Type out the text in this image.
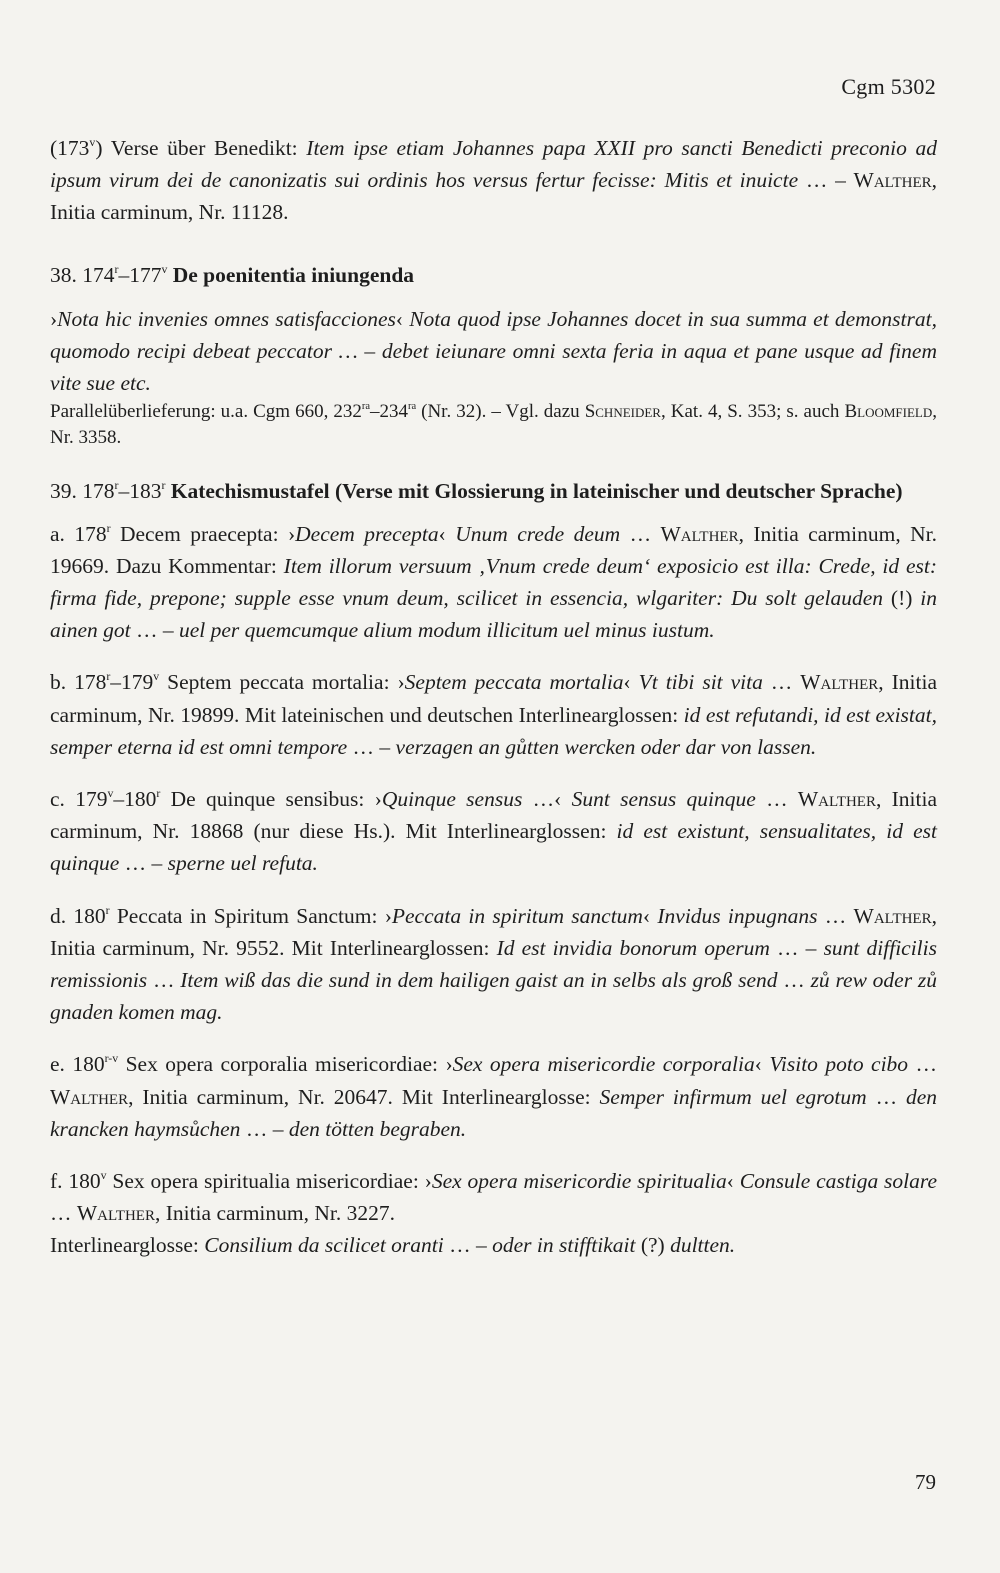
Cgm 5302

(173$^v$) Verse über Benedikt: Item ipse etiam Johannes papa XXII pro sancti Benedicti preconio ad ipsum virum dei de canonizatis sui ordinis hos versus fertur fecisse: Mitis et inuicte … – Walther, Initia carminum, Nr. 11128.

38. 174$^r$–177$^v$ De poenitentia iniungenda

›Nota hic invenies omnes satisfacciones‹ Nota quod ipse Johannes docet in sua summa et demonstrat, quomodo recipi debeat peccator … – debet ieiunare omni sexta feria in aqua et pane usque ad finem vite sue etc.

Parallelüberlieferung: u.a. Cgm 660, $232^{ra}-234^{ra}$ (Nr. 32). – Vgl. dazu Schneider, Kat. 4, S. 353; s. auch Bloomfield, Nr. 3358.

39. 178$^r$–183$^r$ Katechismustafel (Verse mit Glossierung in lateinischer und deutscher Sprache)

a. 178$^r$ Decem praecepta: ›Decem precepta‹ Unum crede deum … Walther, Initia carminum, Nr. 19669. Dazu Kommentar: Item illorum versuum ‚Vnum crede deum‘ exposicio est illa: Crede, id est: firma fide, prepone; supple esse vnum deum, scilicet in essencia, wlgariter: Du solt gelauden (!) in ainen got … – uel per quemcumque alium modum illicitum uel minus iustum.

b. 178$^r$–179$^v$ Septem peccata mortalia: ›Septem peccata mortalia‹ Vt tibi sit vita … Walther, Initia carminum, Nr. 19899. Mit lateinischen und deutschen Interlinearglossen: id est refutandi, id est existat, semper eterna id est omni tempore … – verzagen an gůtten wercken oder dar von lassen.

c. 179$^v$–180$^r$ De quinque sensibus: ›Quinque sensus …‹ Sunt sensus quinque … Walther, Initia carminum, Nr. 18868 (nur diese Hs.). Mit Interlinearglossen: id est existunt, sensualitates, id est quinque … – sperne uel refuta.

d. 180$^r$ Peccata in Spiritum Sanctum: ›Peccata in spiritum sanctum‹ Invidus inpugnans … Walther, Initia carminum, Nr. 9552. Mit Interlinearglossen: Id est invidia bonorum operum … – sunt difficilis remissionis … Item wiß das die sund in dem hailigen gaist an in selbs als groß send … zů rew oder zů gnaden komen mag.

e. 180$^{r-v}$ Sex opera corporalia misericordiae: ›Sex opera misericordie corporalia‹ Visito poto cibo … Walther, Initia carminum, Nr. 20647. Mit Interlinearglosse: Semper infirmum uel egrotum … den krancken haymsůchen … – den tötten begraben.

f. 180$^v$ Sex opera spiritualia misericordiae: ›Sex opera misericordie spiritualia‹ Consule castiga solare … Walther, Initia carminum, Nr. 3227.

Interlinearglosse: Consilium da scilicet oranti … – oder in stifftikait (?) dultten.

79
